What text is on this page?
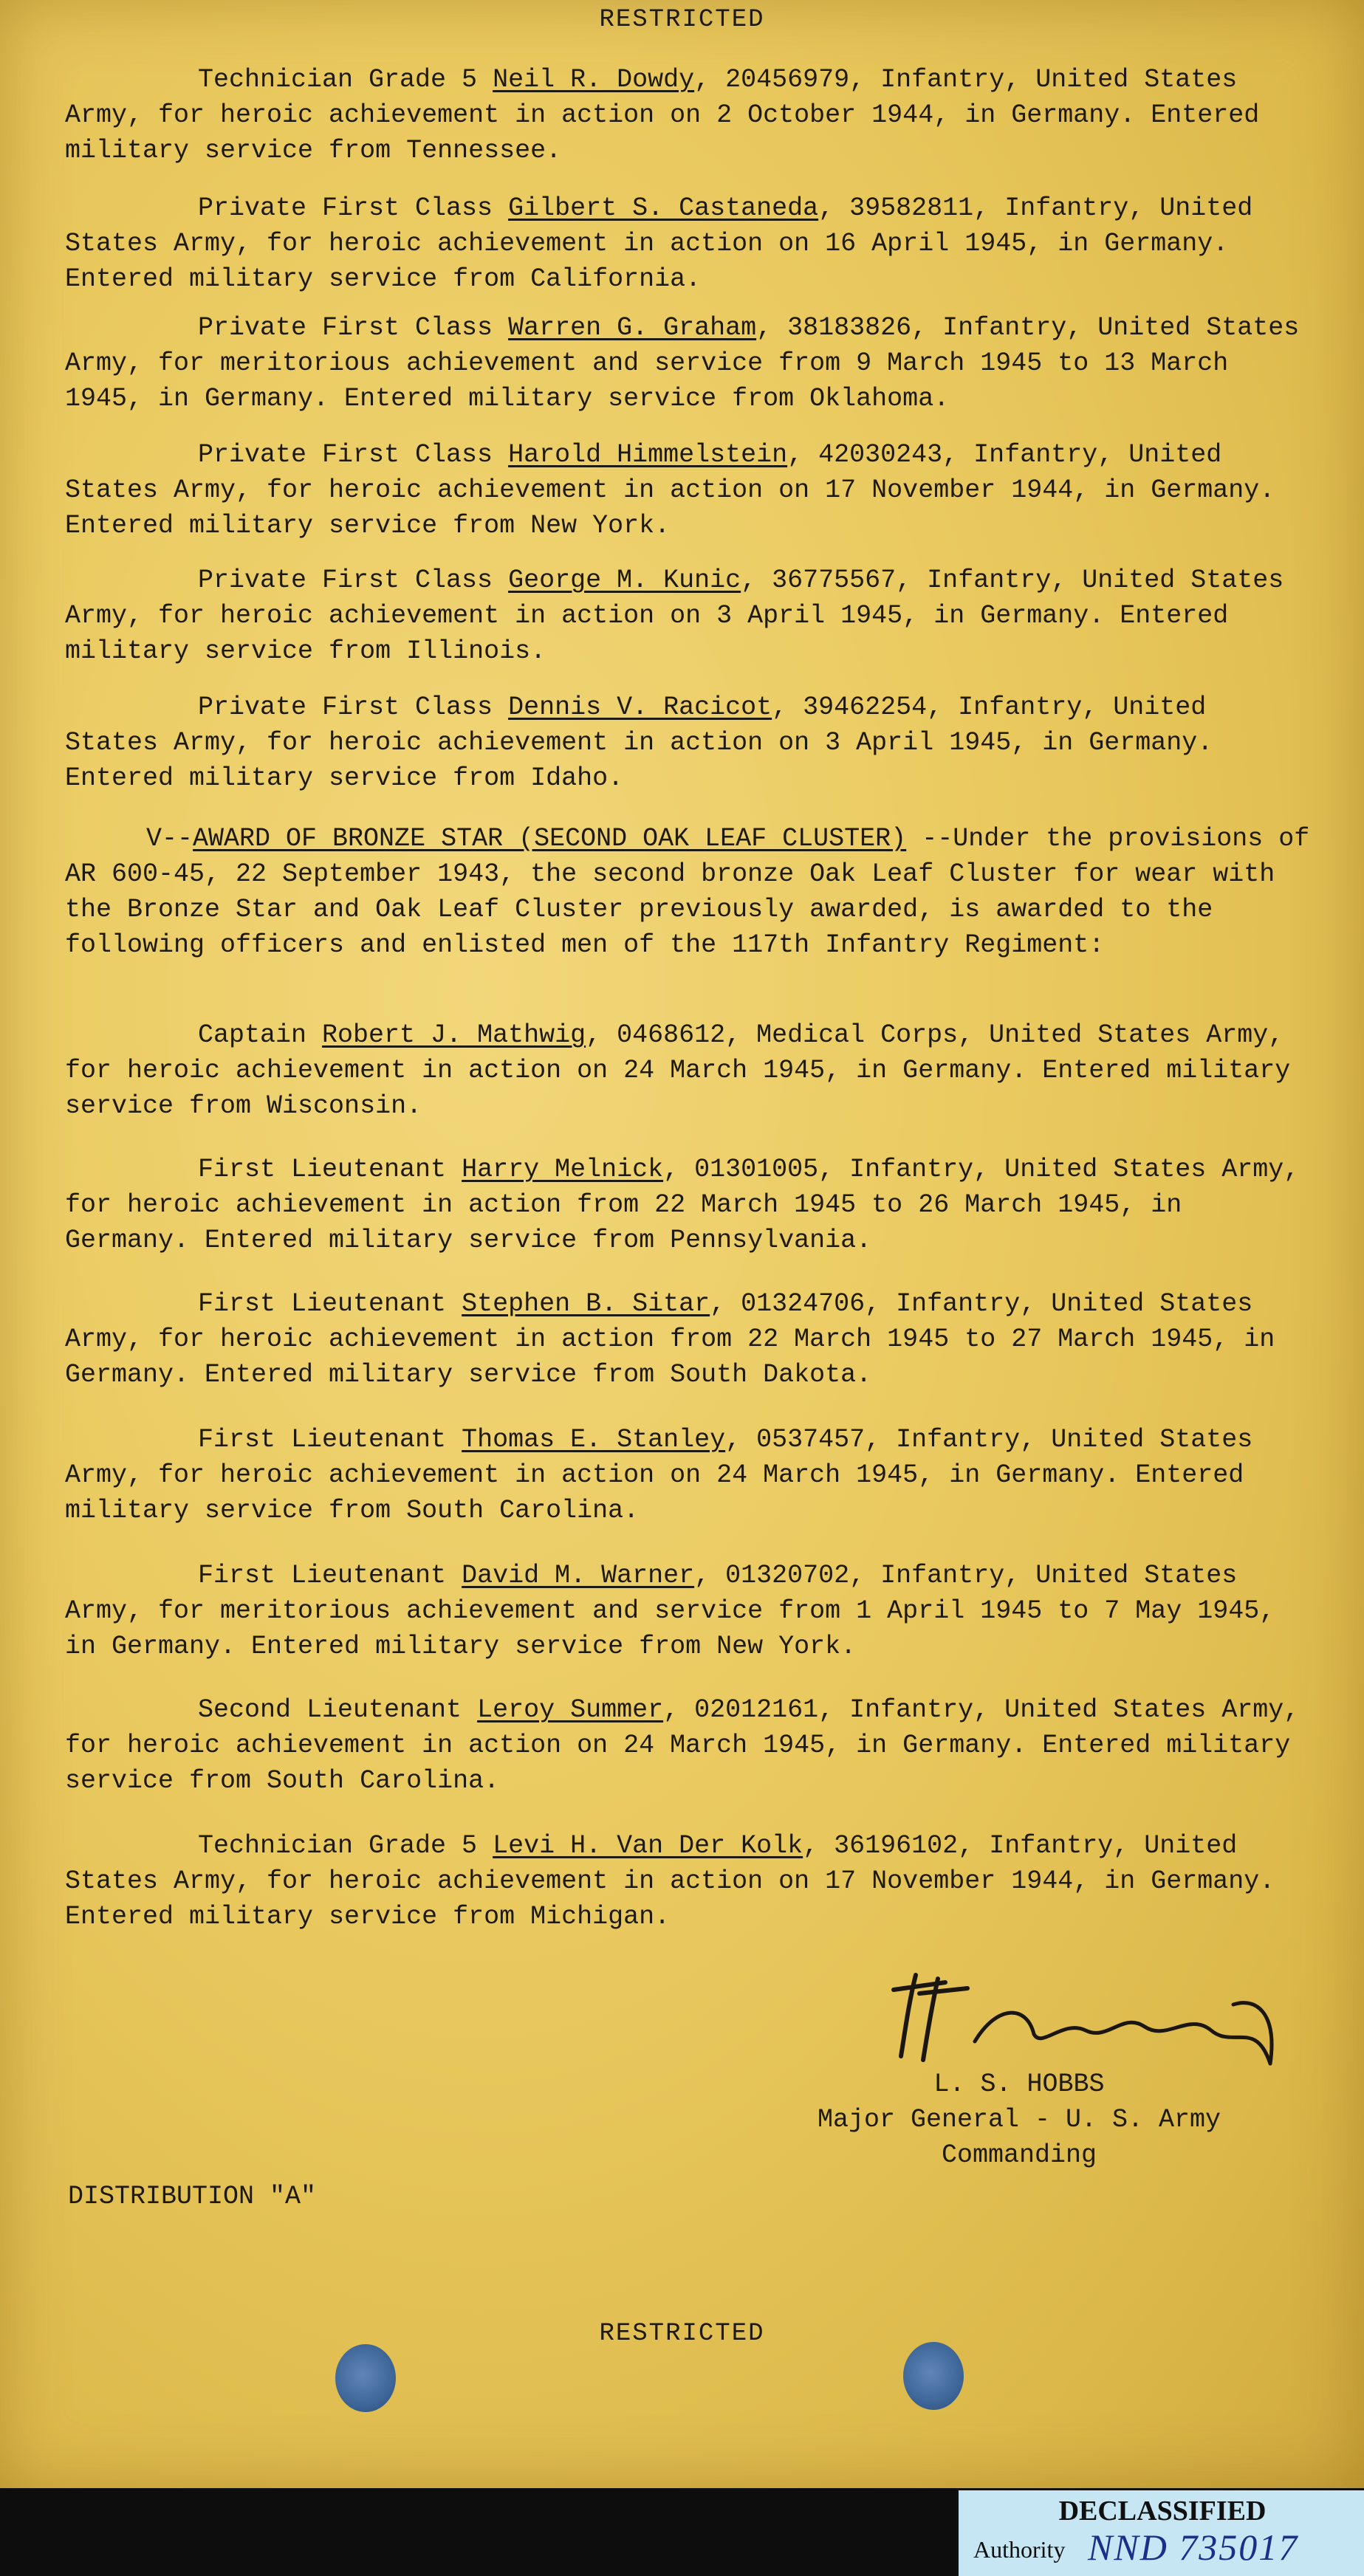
RESTRICTED
Technician Grade 5 Neil R. Dowdy, 20456979, Infantry, United States Army, for heroic achievement in action on 2 October 1944, in Germany. Entered military service from Tennessee.
Private First Class Gilbert S. Castaneda, 39582811, Infantry, United States Army, for heroic achievement in action on 16 April 1945, in Germany. Entered military service from California.
Private First Class Warren G. Graham, 38183826, Infantry, United States Army, for meritorious achievement and service from 9 March 1945 to 13 March 1945, in Germany. Entered military service from Oklahoma.
Private First Class Harold Himmelstein, 42030243, Infantry, United States Army, for heroic achievement in action on 17 November 1944, in Germany. Entered military service from New York.
Private First Class George M. Kunic, 36775567, Infantry, United States Army, for heroic achievement in action on 3 April 1945, in Germany. Entered military service from Illinois.
Private First Class Dennis V. Racicot, 39462254, Infantry, United States Army, for heroic achievement in action on 3 April 1945, in Germany. Entered military service from Idaho.
V--AWARD OF BRONZE STAR (SECOND OAK LEAF CLUSTER) --Under the provisions of AR 600-45, 22 September 1943, the second bronze Oak Leaf Cluster for wear with the Bronze Star and Oak Leaf Cluster previously awarded, is awarded to the following officers and enlisted men of the 117th Infantry Regiment:
Captain Robert J. Mathwig, 0468612, Medical Corps, United States Army, for heroic achievement in action on 24 March 1945, in Germany. Entered military service from Wisconsin.
First Lieutenant Harry Melnick, 01301005, Infantry, United States Army, for heroic achievement in action from 22 March 1945 to 26 March 1945, in Germany. Entered military service from Pennsylvania.
First Lieutenant Stephen B. Sitar, 01324706, Infantry, United States Army, for heroic achievement in action from 22 March 1945 to 27 March 1945, in Germany. Entered military service from South Dakota.
First Lieutenant Thomas E. Stanley, 0537457, Infantry, United States Army, for heroic achievement in action on 24 March 1945, in Germany. Entered military service from South Carolina.
First Lieutenant David M. Warner, 01320702, Infantry, United States Army, for meritorious achievement and service from 1 April 1945 to 7 May 1945, in Germany. Entered military service from New York.
Second Lieutenant Leroy Summer, 02012161, Infantry, United States Army, for heroic achievement in action on 24 March 1945, in Germany. Entered military service from South Carolina.
Technician Grade 5 Levi H. Van Der Kolk, 36196102, Infantry, United States Army, for heroic achievement in action on 17 November 1944, in Germany. Entered military service from Michigan.
L. S. HOBBS
Major General - U. S. Army
Commanding
DISTRIBUTION "A"
RESTRICTED
DECLASSIFIED
Authority NND 735017
